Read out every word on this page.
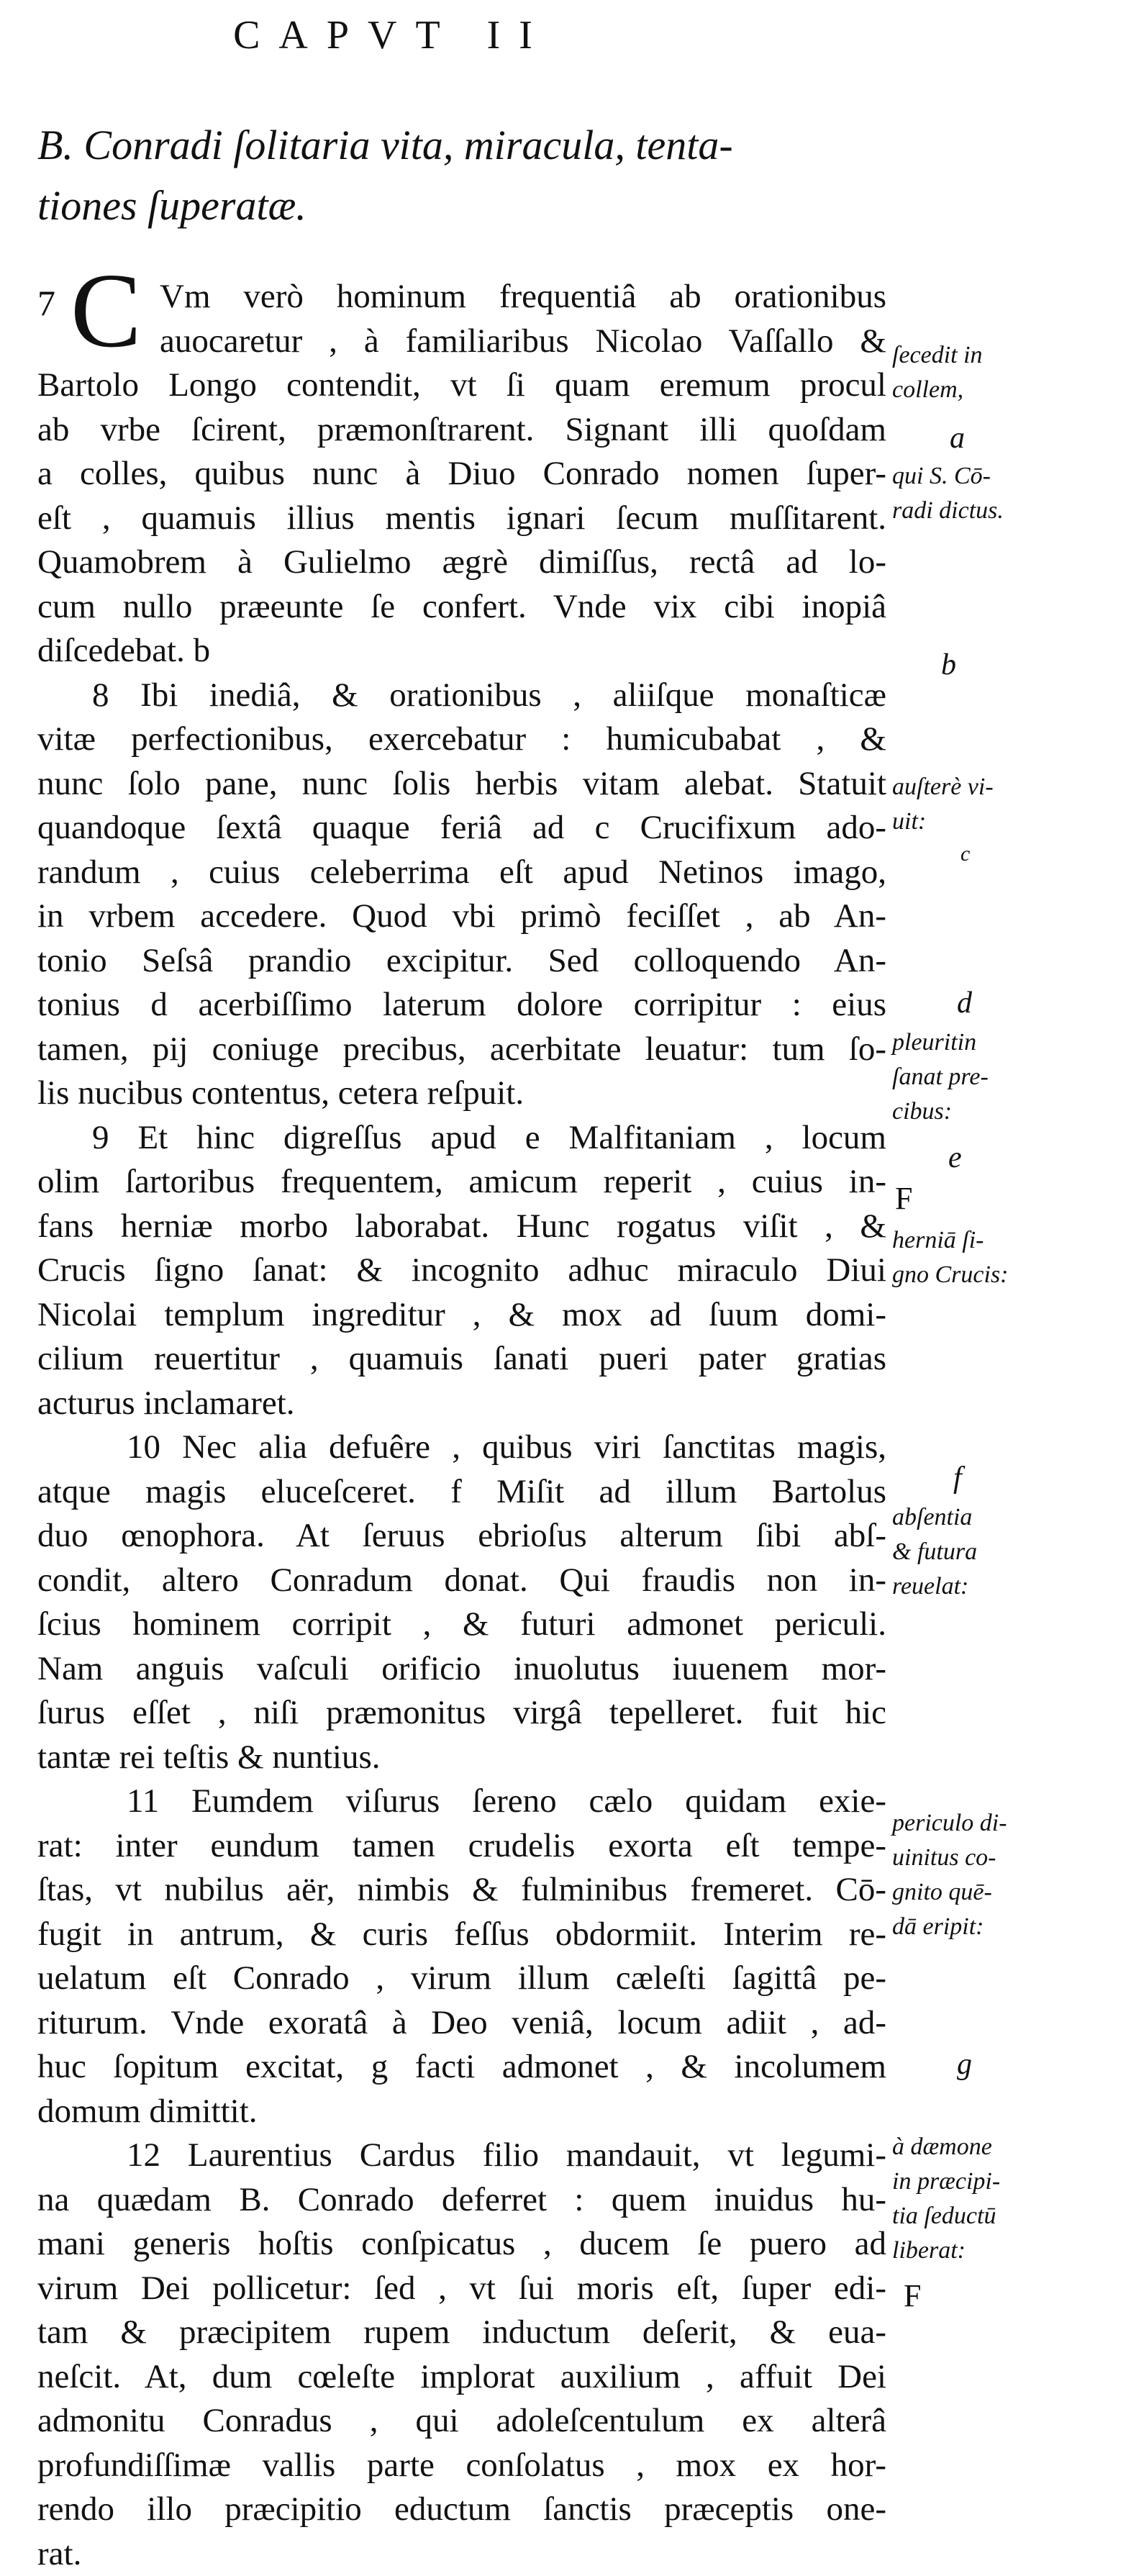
CAPVT II
B. Conradi ſolitaria vita, miracula, tenta-
tiones ſuperatæ.
7 C Vm verò hominum frequentiâ ab orationibus
auocaretur , à familiaribus Nicolao Vaſſallo &
Bartolo Longo contendit, vt ſi quam eremum procul
ab vrbe ſcirent, præmonſtrarent. Signant illi quoſdam
a colles, quibus nunc à Diuo Conrado nomen ſuper-
eſt , quamuis illius mentis ignari ſecum muſſitarent.
Quamobrem à Gulielmo ægrè dimiſſus, rectâ ad lo-
cum nullo præeunte ſe confert. Vnde vix cibi inopiâ
diſcedebat. b
8 Ibi inediâ, & orationibus , aliiſque monaſticæ
vitæ perfectionibus, exercebatur : humicubabat , &
nunc ſolo pane, nunc ſolis herbis vitam alebat. Statuit
quandoque ſextâ quaque feriâ ad c Crucifixum ado-
randum , cuius celeberrima eſt apud Netinos imago,
in vrbem accedere. Quod vbi primò feciſſet , ab An-
tonio Seſsâ prandio excipitur. Sed colloquendo An-
tonius d acerbiſſimo laterum dolore corripitur : eius
tamen, pij coniuge precibus, acerbitate leuatur: tum ſo-
lis nucibus contentus, cetera reſpuit.
9 Et hinc digreſſus apud e Malfitaniam , locum
olim ſartoribus frequentem, amicum reperit , cuius in-
fans herniæ morbo laborabat. Hunc rogatus viſit , &
Crucis ſigno ſanat: & incognito adhuc miraculo Diui
Nicolai templum ingreditur , & mox ad ſuum domi-
cilium reuertitur , quamuis ſanati pueri pater gratias
acturus inclamaret.
10 Nec alia defuêre , quibus viri ſanctitas magis,
atque magis eluceſceret. f Miſit ad illum Bartolus
duo œnophora. At ſeruus ebrioſus alterum ſibi abſ-
condit, altero Conradum donat. Qui fraudis non in-
ſcius hominem corripit , & futuri admonet periculi.
Nam anguis vaſculi orificio inuolutus iuuenem mor-
ſurus eſſet , niſi præmonitus virgâ tepelleret. fuit hic
tantæ rei teſtis & nuntius.
11 Eumdem viſurus ſereno cælo quidam exie-
rat: inter eundum tamen crudelis exorta eſt tempe-
ſtas, vt nubilus aër, nimbis & fulminibus fremeret. Cō-
fugit in antrum, & curis feſſus obdormiit. Interim re-
uelatum eſt Conrado , virum illum cæleſti ſagittâ pe-
riturum. Vnde exoratâ à Deo veniâ, locum adiit , ad-
huc ſopitum excitat, g facti admonet , & incolumem
domum dimittit.
12 Laurentius Cardus filio mandauit, vt legumi-
na quædam B. Conrado deferret : quem inuidus hu-
mani generis hoſtis conſpicatus , ducem ſe puero ad
virum Dei pollicetur: ſed , vt ſui moris eſt, ſuper edi-
tam & præcipitem rupem inductum deſerit, & eua-
neſcit. At, dum cœleſte implorat auxilium , affuit Dei
admonitu Conradus , qui adoleſcentulum ex alterâ
profundiſſimæ vallis parte conſolatus , mox ex hor-
rendo illo præcipitio eductum ſanctis præceptis one-
rat.
ſecedit in
collem,
a
qui S. Cō-
radi dictus.
b
auſterè vi-
uit:
c
d
pleuritin
ſanat pre-
cibus:
e
F
herniā ſi-
gno Crucis:
f
abſentia
& futura
reuelat:
periculo di-
uinitus co-
gnito quē-
dā eripit:
g
à dæmone
in præcipi-
tia ſeductū
liberat:
F
